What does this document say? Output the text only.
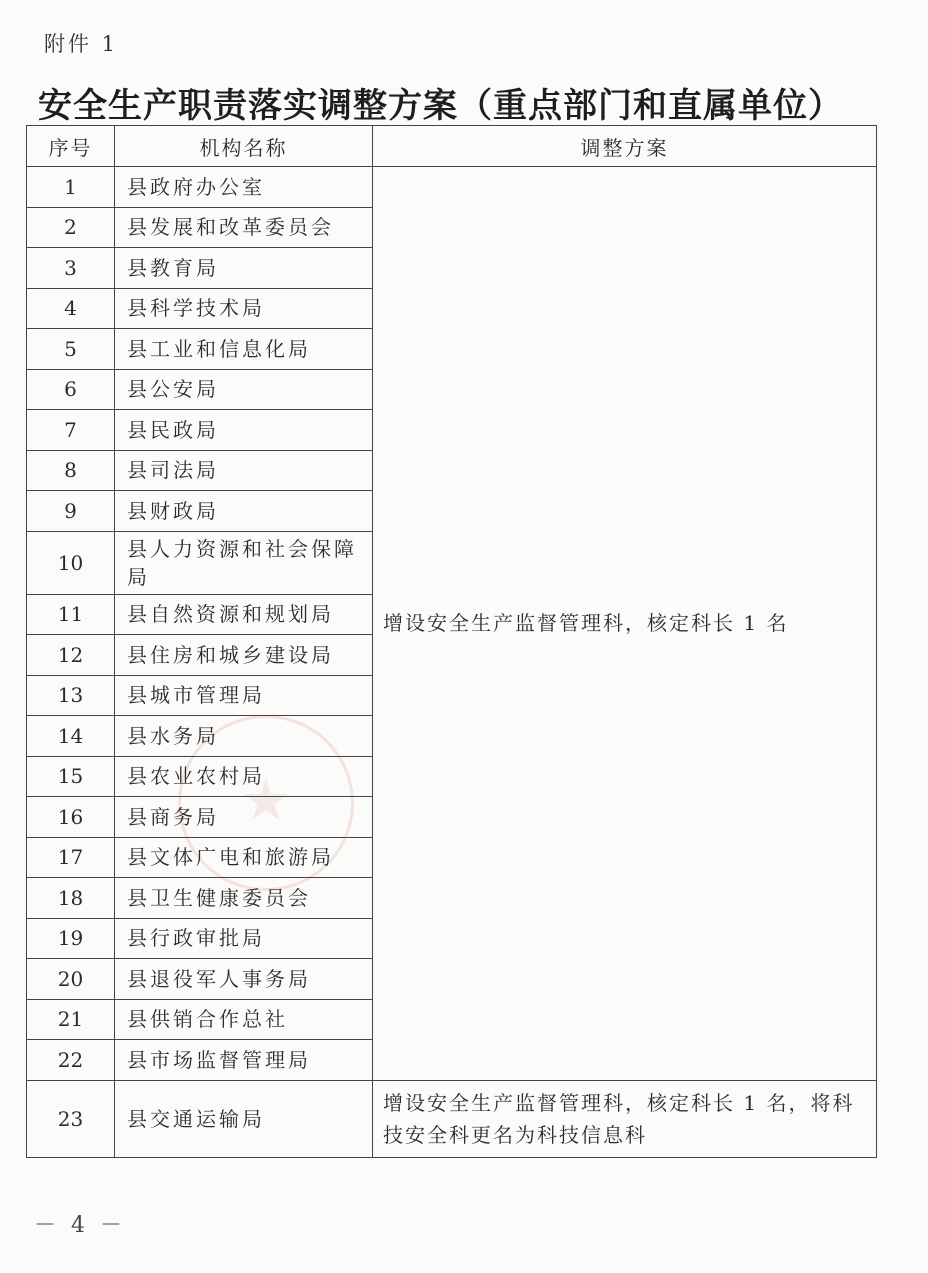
附件 1
安全生产职责落实调整方案（重点部门和直属单位）
序号	机构名称	调整方案
1	县政府办公室	增设安全生产监督管理科，核定科长 1 名
2	县发展和改革委员会	
3	县教育局	
4	县科学技术局	
5	县工业和信息化局	
6	县公安局	
7	县民政局	
8	县司法局	
9	县财政局	
10	县人力资源和社会保障局	
11	县自然资源和规划局	
12	县住房和城乡建设局	
13	县城市管理局	
14	县水务局	
15	县农业农村局	
16	县商务局	
17	县文体广电和旅游局	
18	县卫生健康委员会	
19	县行政审批局	
20	县退役军人事务局	
21	县供销合作总社	
22	县市场监督管理局	
23	县交通运输局	增设安全生产监督管理科，核定科长 1 名，将科技安全科更名为科技信息科
－ 4 －
